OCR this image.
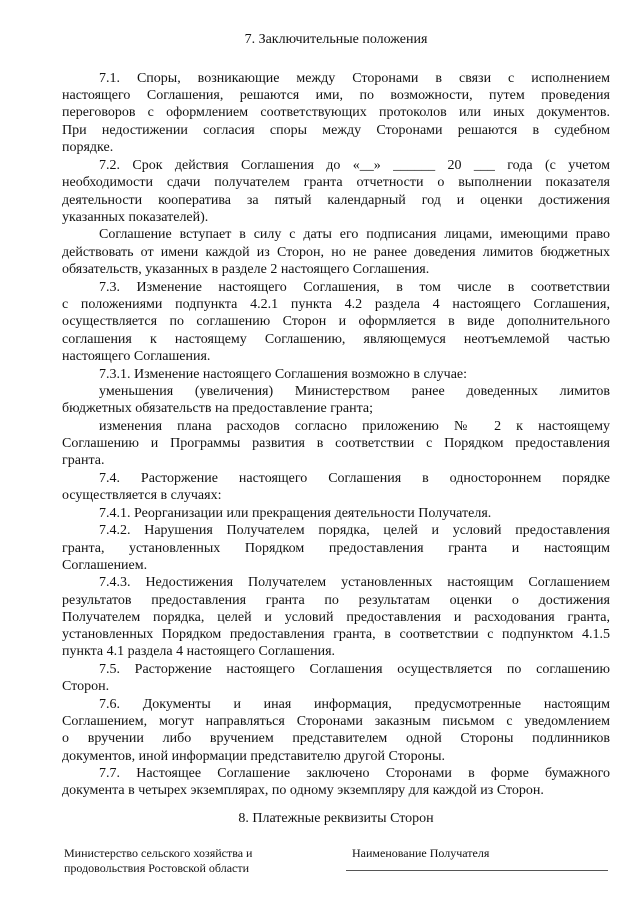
7. Заключительные положения
7.1. Споры, возникающие между Сторонами в связи с исполнением
настоящего Соглашения, решаются ими, по возможности, путем проведения
переговоров с оформлением соответствующих протоколов или иных документов.
При недостижении согласия споры между Сторонами решаются в судебном
порядке.
7.2. Срок действия Соглашения до «__» ______ 20 ___ года (с учетом
необходимости сдачи получателем гранта отчетности о выполнении показателя
деятельности кооператива за пятый календарный год и оценки достижения
указанных показателей).
Соглашение вступает в силу с даты его подписания лицами, имеющими право
действовать от имени каждой из Сторон, но не ранее доведения лимитов бюджетных
обязательств, указанных в разделе 2 настоящего Соглашения.
7.3. Изменение настоящего Соглашения, в том числе в соответствии
с положениями подпункта 4.2.1 пункта 4.2 раздела 4 настоящего Соглашения,
осуществляется по соглашению Сторон и оформляется в виде дополнительного
соглашения к настоящему Соглашению, являющемуся неотъемлемой частью
настоящего Соглашения.
7.3.1. Изменение настоящего Соглашения возможно в случае:
уменьшения (увеличения) Министерством ранее доведенных лимитов
бюджетных обязательств на предоставление гранта;
изменения плана расходов согласно приложению № 2 к настоящему
Соглашению и Программы развития в соответствии с Порядком предоставления
гранта.
7.4. Расторжение настоящего Соглашения в одностороннем порядке
осуществляется в случаях:
7.4.1. Реорганизации или прекращения деятельности Получателя.
7.4.2. Нарушения Получателем порядка, целей и условий предоставления
гранта, установленных Порядком предоставления гранта и настоящим
Соглашением.
7.4.3. Недостижения Получателем установленных настоящим Соглашением
результатов предоставления гранта по результатам оценки о достижения
Получателем порядка, целей и условий предоставления и расходования гранта,
установленных Порядком предоставления гранта, в соответствии с подпунктом 4.1.5
пункта 4.1 раздела 4 настоящего Соглашения.
7.5. Расторжение настоящего Соглашения осуществляется по соглашению
Сторон.
7.6. Документы и иная информация, предусмотренные настоящим
Соглашением, могут направляться Сторонами заказным письмом с уведомлением
о вручении либо вручением представителем одной Стороны подлинников
документов, иной информации представителю другой Стороны.
7.7. Настоящее Соглашение заключено Сторонами в форме бумажного
документа в четырех экземплярах, по одному экземпляру для каждой из Сторон.
8. Платежные реквизиты Сторон
Министерство сельского хозяйства и
продовольствия Ростовской области
Наименование Получателя
